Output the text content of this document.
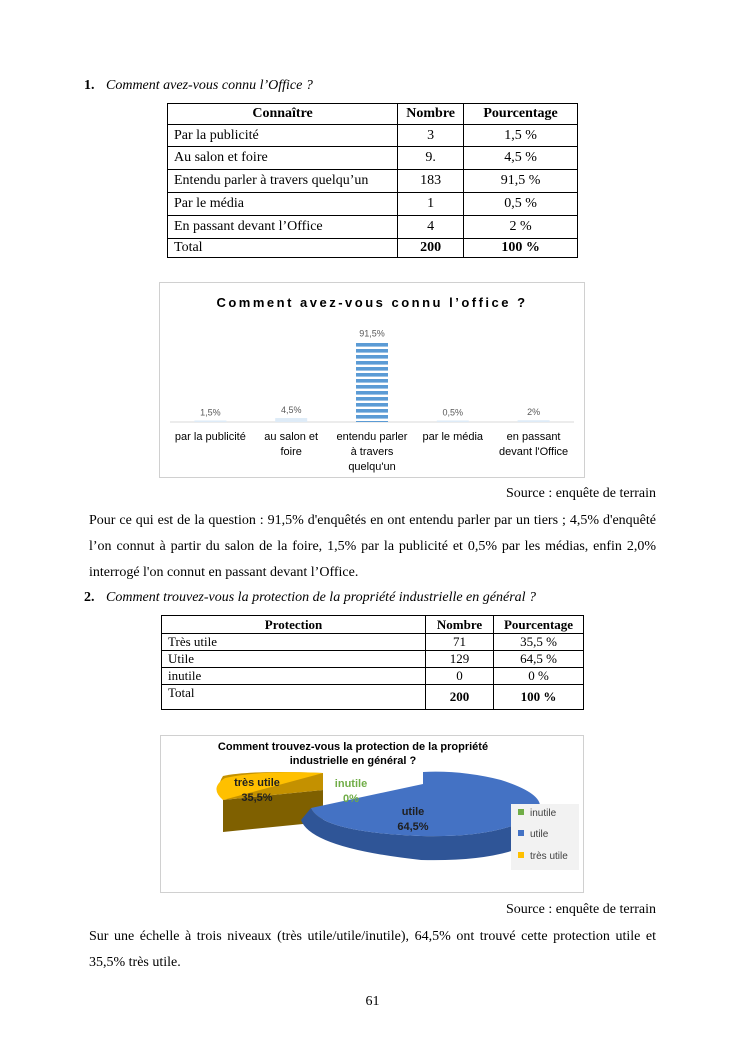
1. Comment avez-vous connu l’Office ?
Connaître	Nombre	Pourcentage
Par la publicité	3	1,5 %
Au salon et foire	9.	4,5 %
Entendu parler à travers quelqu’un	183	91,5 %
Par le média	1	0,5 %
En passant devant l’Office	4	2 %
Total	200	100 %
Comment avez-vous connu l’office ?
1,5%
par la publicité
4,5%
au salon et
foire
91,5%
entendu parler
à travers
quelqu'un
0,5%
par le média
2%
en passant
devant l'Office
Source : enquête de terrain
Pour ce qui est de la question : 91,5% d'enquêtés en ont entendu parler par un tiers ; 4,5% d'enquêté l’on connut à partir du salon de la foire, 1,5% par la publicité et 0,5% par les médias, enfin 2,0% interrogé l'on connut en passant devant l’Office.
2. Comment trouvez-vous la protection de la propriété industrielle en général ?
Protection	Nombre	Pourcentage
Très utile	71	35,5 %
Utile	129	64,5 %
inutile	0	0 %
Total	200	100 %
Comment trouvez-vous la protection de la propriété
industrielle en général ?
très utile
35,5%
utile
64,5%
inutile
0%
inutile
utile
très utile
Source : enquête de terrain
Sur une échelle à trois niveaux (très utile/utile/inutile), 64,5% ont trouvé cette protection utile et 35,5% très utile.
61
